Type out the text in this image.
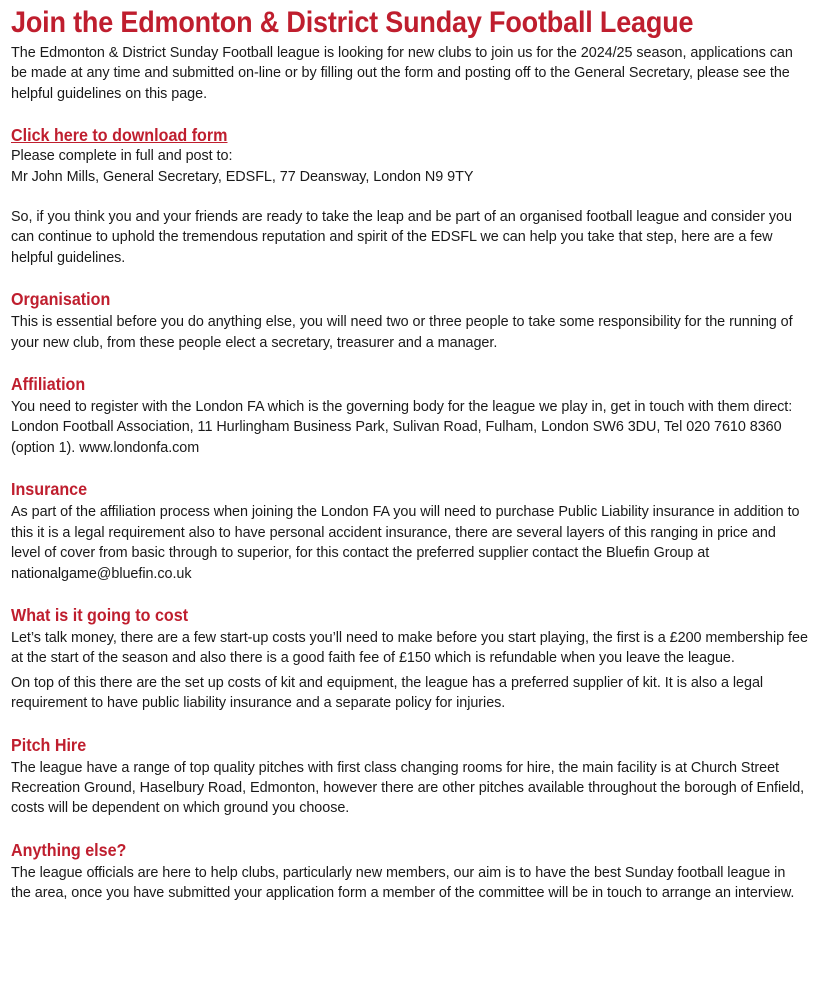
Join the Edmonton & District Sunday Football League

The Edmonton & District Sunday Football league is looking for new clubs to join us for the 2024/25 season, applications can be made at any time and submitted on-line or by filling out the form and posting off to the General Secretary, please see the helpful guidelines on this page.

Click here to download form

Please complete in full and post to:

Mr John Mills, General Secretary, EDSFL, 77 Deansway, London N9 9TY

So, if you think you and your friends are ready to take the leap and be part of an organised football league and consider you can continue to uphold the tremendous reputation and spirit of the EDSFL we can help you take that step, here are a few helpful guidelines.

Organisation

This is essential before you do anything else, you will need two or three people to take some responsibility for the running of your new club, from these people elect a secretary, treasurer and a manager.

Affiliation

You need to register with the London FA which is the governing body for the league we play in, get in touch with them direct: London Football Association, 11 Hurlingham Business Park, Sulivan Road, Fulham, London SW6 3DU, Tel 020 7610 8360 (option 1). www.londonfa.com

Insurance

As part of the affiliation process when joining the London FA you will need to purchase Public Liability insurance in addition to this it is a legal requirement also to have personal accident insurance, there are several layers of this ranging in price and level of cover from basic through to superior, for this contact the preferred supplier contact the Bluefin Group at nationalgame@bluefin.co.uk

What is it going to cost

Let’s talk money, there are a few start-up costs you’ll need to make before you start playing, the first is a £200 membership fee at the start of the season and also there is a good faith fee of £150 which is refundable when you leave the league.

On top of this there are the set up costs of kit and equipment, the league has a preferred supplier of kit. It is also a legal requirement to have public liability insurance and a separate policy for injuries.

Pitch Hire

The league have a range of top quality pitches with first class changing rooms for hire, the main facility is at Church Street Recreation Ground, Haselbury Road, Edmonton, however there are other pitches available throughout the borough of Enfield, costs will be dependent on which ground you choose.

Anything else?

The league officials are here to help clubs, particularly new members, our aim is to have the best Sunday football league in the area, once you have submitted your application form a member of the committee will be in touch to arrange an interview.
